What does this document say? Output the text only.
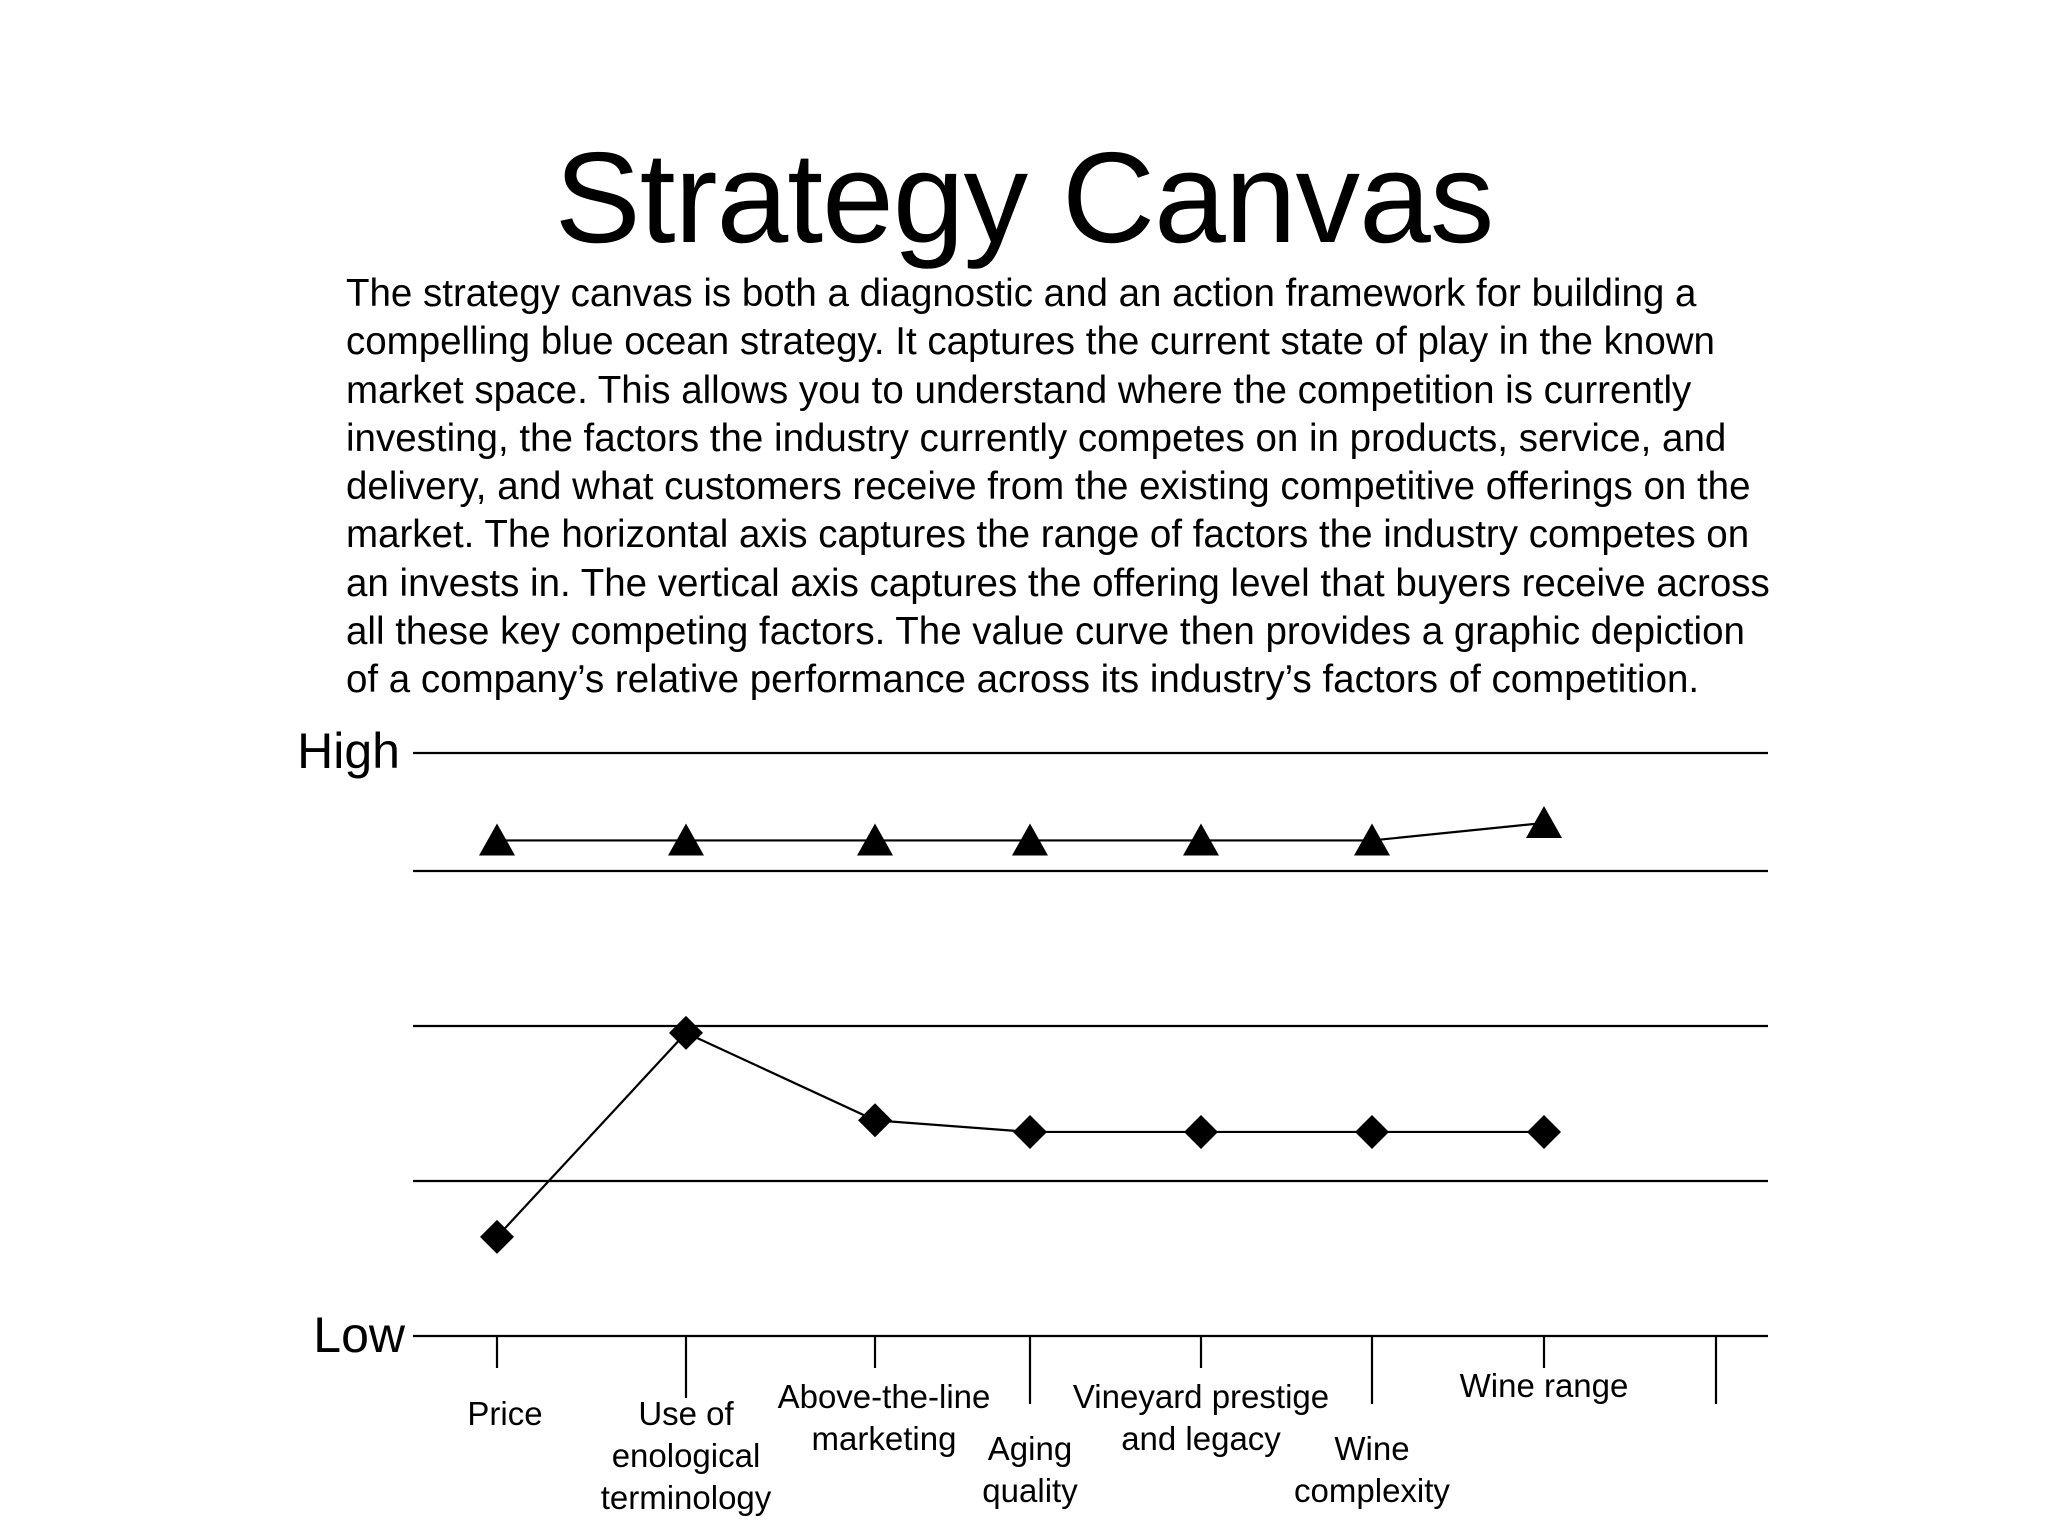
Strategy Canvas
The strategy canvas is both a diagnostic and an action framework for building a
compelling blue ocean strategy. It captures the current state of play in the known
market space. This allows you to understand where the competition is currently
investing, the factors the industry currently competes on in products, service, and
delivery, and what customers receive from the existing competitive offerings on the
market. The horizontal axis captures the range of factors the industry competes on
an invests in. The vertical axis captures the offering level that buyers receive across
all these key competing factors. The value curve then provides a graphic depiction
of a company’s relative performance across its industry’s factors of competition.
High
Low
Price	Use of enological terminology
Above-the-line marketing Aging quality
Vineyard prestige and legacy	Wine complexity
Wine range
